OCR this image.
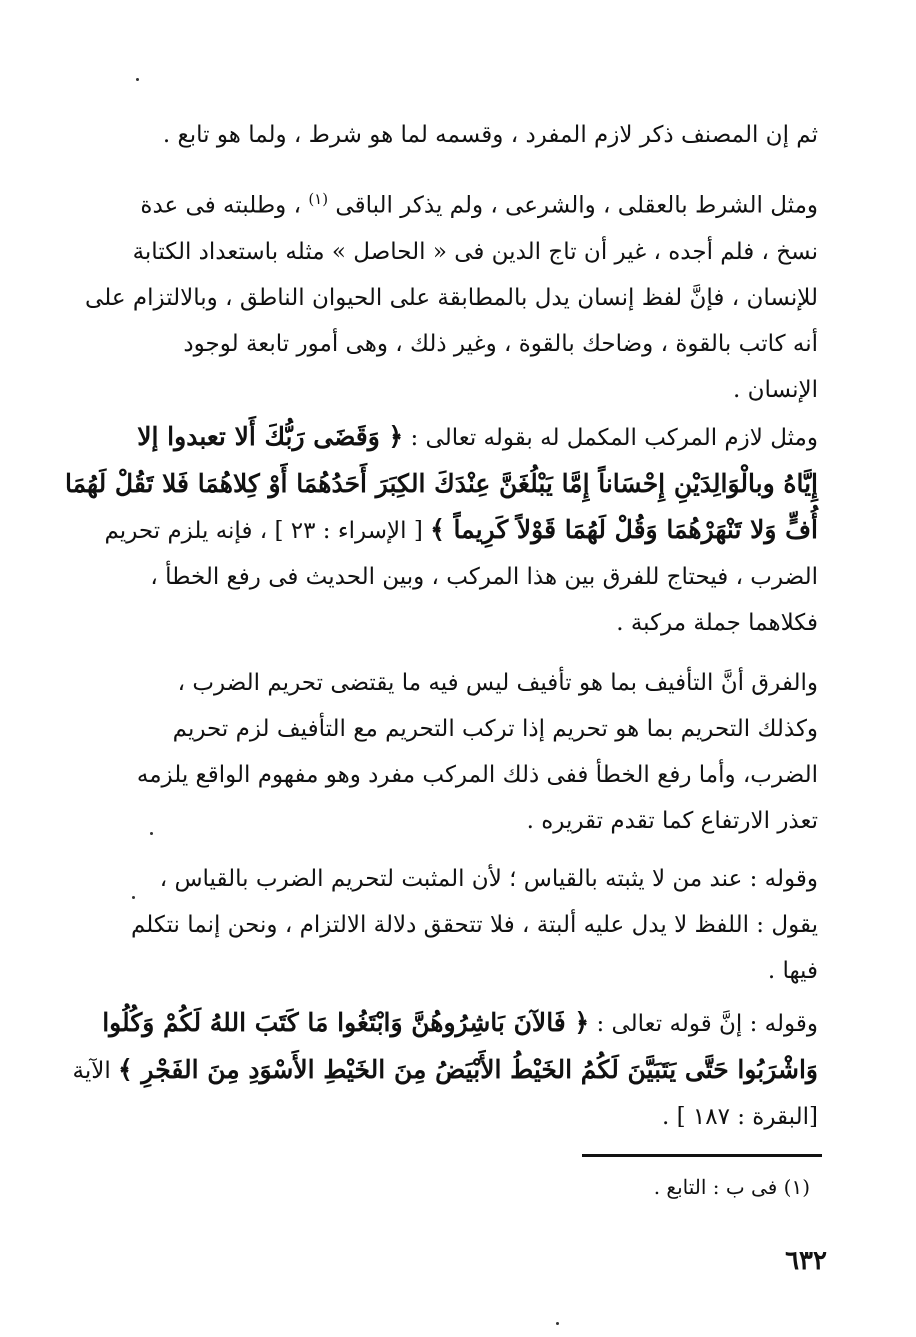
ثم إن المصنف ذكر لازم المفرد ، وقسمه لما هو شرط ، ولما هو تابع .
ومثل الشرط بالعقلى ، والشرعى ، ولم يذكر الباقى $^{(١)}$ ، وطلبته فى عدة
نسخ ، فلم أجده ، غير أن تاج الدين فى « الحاصل » مثله باستعداد الكتابة
للإنسان ، فإنَّ لفظ إنسان يدل بالمطابقة على الحيوان الناطق ، وبالالتزام على
أنه كاتب بالقوة ، وضاحك بالقوة ، وغير ذلك ، وهى أمور تابعة لوجود
الإنسان .
ومثل لازم المركب المكمل له بقوله تعالى : ﴿ وَقَضَى رَبُّكَ أَلا تعبدوا إلا
إِيَّاهُ وبالْوَالِدَيْنِ إِحْسَاناً إِمَّا يَبْلُغَنَّ عِنْدَكَ الكِبَرَ أَحَدُهُمَا أَوْ كِلاهُمَا فَلا تَقُلْ لَهُمَا
أُفٍّ وَلا تَنْهَرْهُمَا وَقُلْ لَهُمَا قَوْلاً كَرِيماً ﴾ [ الإسراء : ٢٣ ] ، فإنه يلزم تحريم
الضرب ، فيحتاج للفرق بين هذا المركب ، وبين الحديث فى رفع الخطأ ،
فكلاهما جملة مركبة .
والفرق أنَّ التأفيف بما هو تأفيف ليس فيه ما يقتضى تحريم الضرب ،
وكذلك التحريم بما هو تحريم إذا تركب التحريم مع التأفيف لزم تحريم
الضرب، وأما رفع الخطأ ففى ذلك المركب مفرد وهو مفهوم الواقع يلزمه
تعذر الارتفاع كما تقدم تقريره .
وقوله : عند من لا يثبته بالقياس ؛ لأن المثبت لتحريم الضرب بالقياس ،
يقول : اللفظ لا يدل عليه ألبتة ، فلا تتحقق دلالة الالتزام ، ونحن إنما نتكلم
فيها .
وقوله : إنَّ قوله تعالى : ﴿ فَالآنَ بَاشِرُوهُنَّ وَابْتَغُوا مَا كَتَبَ اللهُ لَكُمْ وَكُلُوا
وَاشْرَبُوا حَتَّى يَتَبَيَّنَ لَكُمُ الخَيْطُ الأَبْيَضُ مِنَ الخَيْطِ الأَسْوَدِ مِنَ الفَجْرِ ﴾ الآية
[البقرة : ١٨٧ ] .
(١) فى ب : التابع .
٦٣٢
